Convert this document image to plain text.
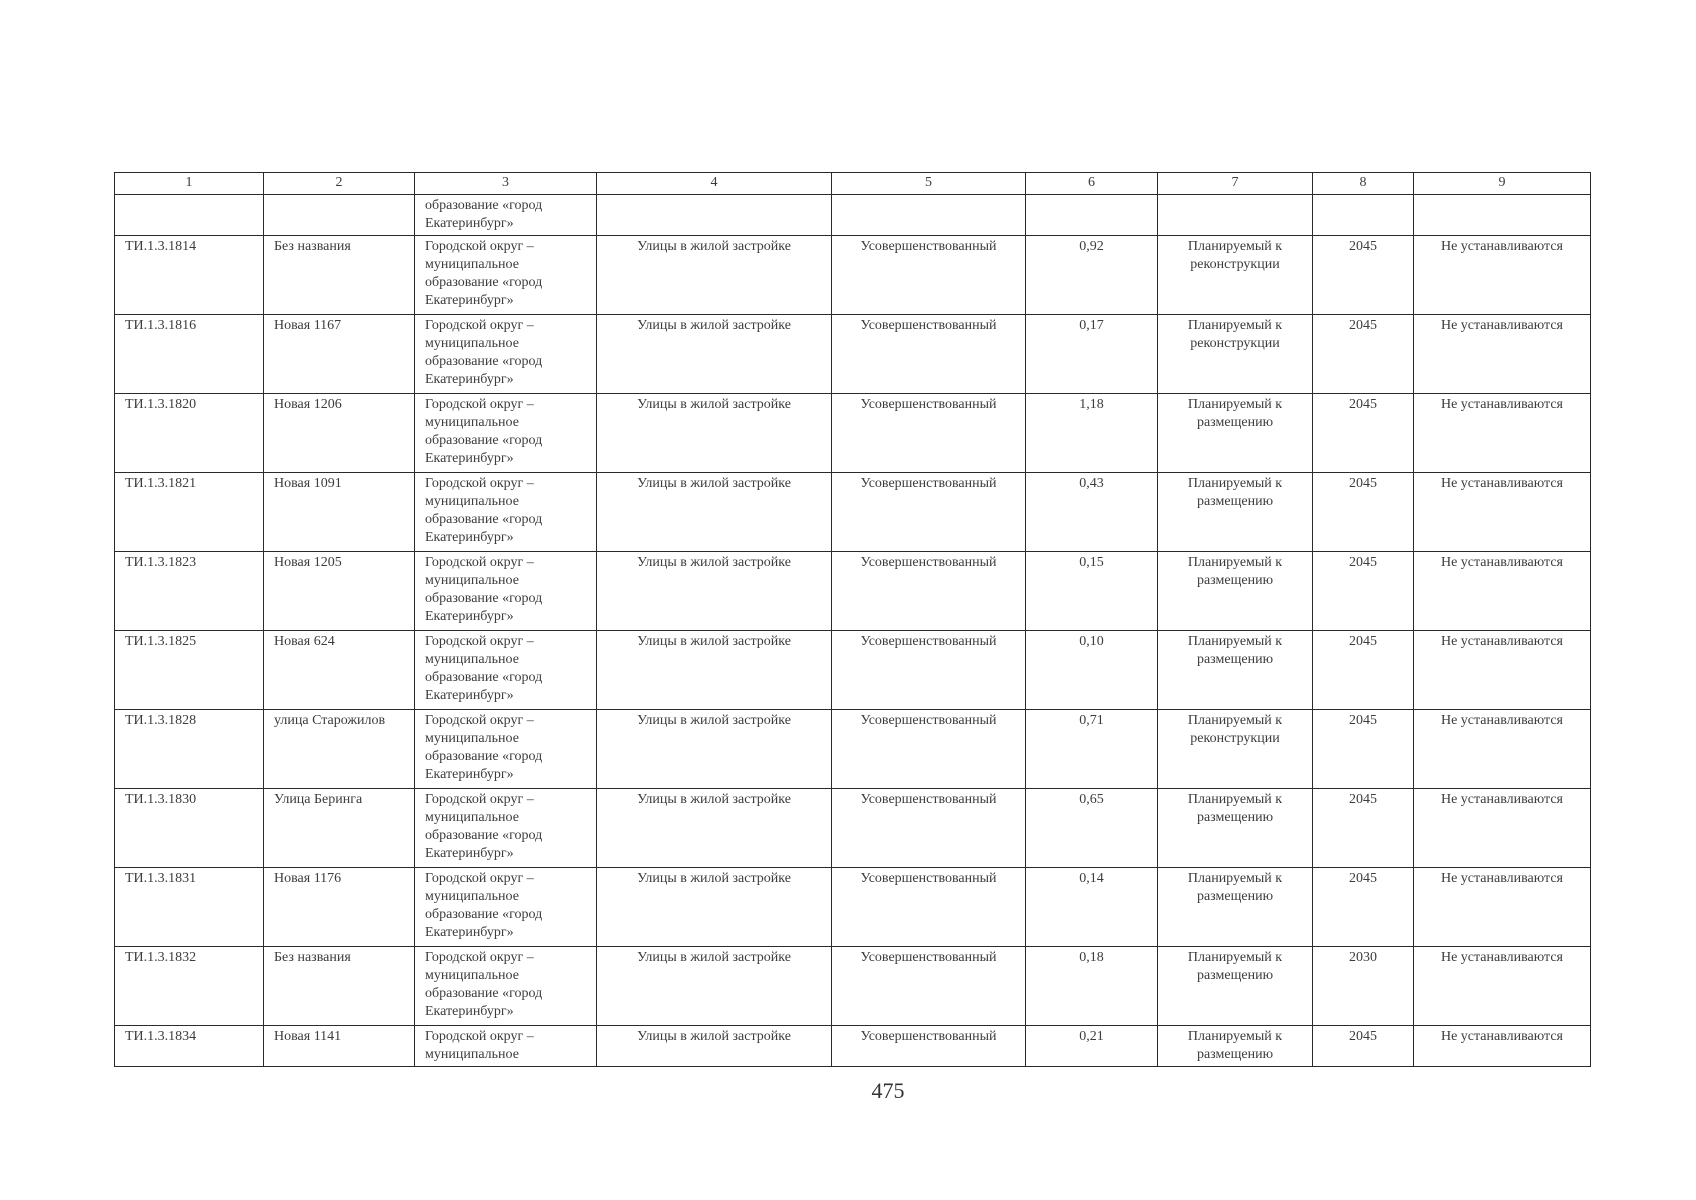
1	2	3	4	5	6	7	8	9
		образование «город Екатеринбург»						
ТИ.1.3.1814	Без названия	Городской округ – муниципальное образование «город Екатеринбург»	Улицы в жилой застройке	Усовершенствованный	0,92	Планируемый к реконструкции	2045	Не устанавливаются
ТИ.1.3.1816	Новая 1167	Городской округ – муниципальное образование «город Екатеринбург»	Улицы в жилой застройке	Усовершенствованный	0,17	Планируемый к реконструкции	2045	Не устанавливаются
ТИ.1.3.1820	Новая 1206	Городской округ – муниципальное образование «город Екатеринбург»	Улицы в жилой застройке	Усовершенствованный	1,18	Планируемый к размещению	2045	Не устанавливаются
ТИ.1.3.1821	Новая 1091	Городской округ – муниципальное образование «город Екатеринбург»	Улицы в жилой застройке	Усовершенствованный	0,43	Планируемый к размещению	2045	Не устанавливаются
ТИ.1.3.1823	Новая 1205	Городской округ – муниципальное образование «город Екатеринбург»	Улицы в жилой застройке	Усовершенствованный	0,15	Планируемый к размещению	2045	Не устанавливаются
ТИ.1.3.1825	Новая 624	Городской округ – муниципальное образование «город Екатеринбург»	Улицы в жилой застройке	Усовершенствованный	0,10	Планируемый к размещению	2045	Не устанавливаются
ТИ.1.3.1828	улица Старожилов	Городской округ – муниципальное образование «город Екатеринбург»	Улицы в жилой застройке	Усовершенствованный	0,71	Планируемый к реконструкции	2045	Не устанавливаются
ТИ.1.3.1830	Улица Беринга	Городской округ – муниципальное образование «город Екатеринбург»	Улицы в жилой застройке	Усовершенствованный	0,65	Планируемый к размещению	2045	Не устанавливаются
ТИ.1.3.1831	Новая 1176	Городской округ – муниципальное образование «город Екатеринбург»	Улицы в жилой застройке	Усовершенствованный	0,14	Планируемый к размещению	2045	Не устанавливаются
ТИ.1.3.1832	Без названия	Городской округ – муниципальное образование «город Екатеринбург»	Улицы в жилой застройке	Усовершенствованный	0,18	Планируемый к размещению	2030	Не устанавливаются
ТИ.1.3.1834	Новая 1141	Городской округ – муниципальное	Улицы в жилой застройке	Усовершенствованный	0,21	Планируемый к размещению	2045	Не устанавливаются
475
